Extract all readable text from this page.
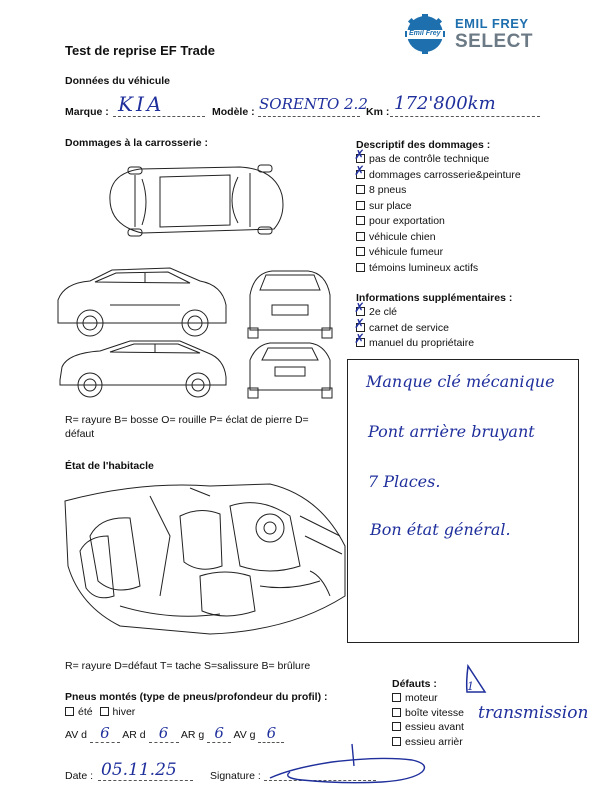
Emil Frey
EMIL FREY
SELECT
Test de reprise EF Trade
Données du véhicule
Marque : KIA	Modèle : SORENTO 2.2
Km : 172'800km
Dommages à la carrosserie :
R= rayure B= bosse O= rouille P= éclat de pierre D= défaut
Descriptif des dommages :
✗pas de contrôle technique
✗dommages carrosserie&peinture
8 pneus
sur place
pour exportation
véhicule chien
véhicule fumeur
témoins lumineux actifs
Informations supplémentaires :
✗2e clé
✗carnet de service
✗manuel du propriétaire
Manque clé mécanique
Pont arrière bruyant
7 Places.
Bon état général.
État de l'habitacle
R= rayure D=défaut T= tache S=salissure B= brûlure
Pneus montés (type de pneus/profondeur du profil) :
été hiver
AV d 6 AR d 6 AR g 6 AV g 6
Défauts :
moteur
boîte vitesse
essieu avant
essieu arrièr
1
transmission
Date : 05.11.25	Signature :
